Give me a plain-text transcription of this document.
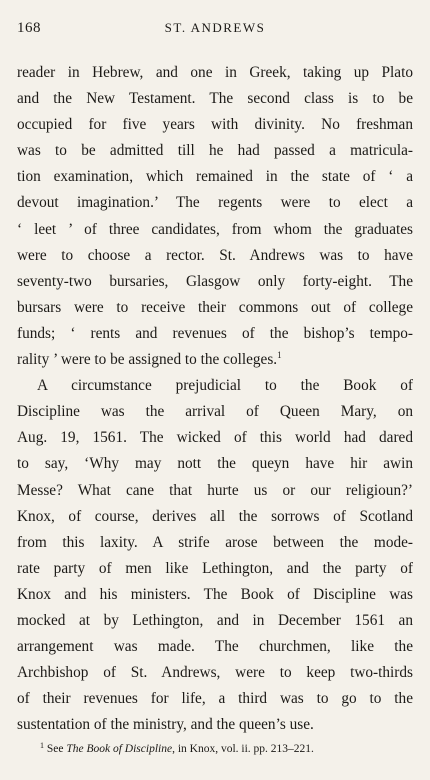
168	ST. ANDREWS
reader in Hebrew, and one in Greek, taking up Plato
and the New Testament. The second class is to be
occupied for five years with divinity. No freshman
was to be admitted till he had passed a matricula-
tion examination, which remained in the state of ‘ a
devout imagination.’ The regents were to elect a
‘ leet ’ of three candidates, from whom the graduates
were to choose a rector. St. Andrews was to have
seventy-two bursaries, Glasgow only forty-eight. The
bursars were to receive their commons out of college
funds; ‘ rents and revenues of the bishop’s tempo-
rality ’ were to be assigned to the colleges.$^1$
A circumstance prejudicial to the Book of
Discipline was the arrival of Queen Mary, on
Aug. 19, 1561. The wicked of this world had dared
to say, ‘Why may nott the queyn have hir awin
Messe? What cane that hurte us or our religioun?’
Knox, of course, derives all the sorrows of Scotland
from this laxity. A strife arose between the mode-
rate party of men like Lethington, and the party of
Knox and his ministers. The Book of Discipline was
mocked at by Lethington, and in December 1561 an
arrangement was made. The churchmen, like the
Archbishop of St. Andrews, were to keep two-thirds
of their revenues for life, a third was to go to the
sustentation of the ministry, and the queen’s use.
$^1$ See The Book of Discipline, in Knox, vol. ii. pp. 213–221.
